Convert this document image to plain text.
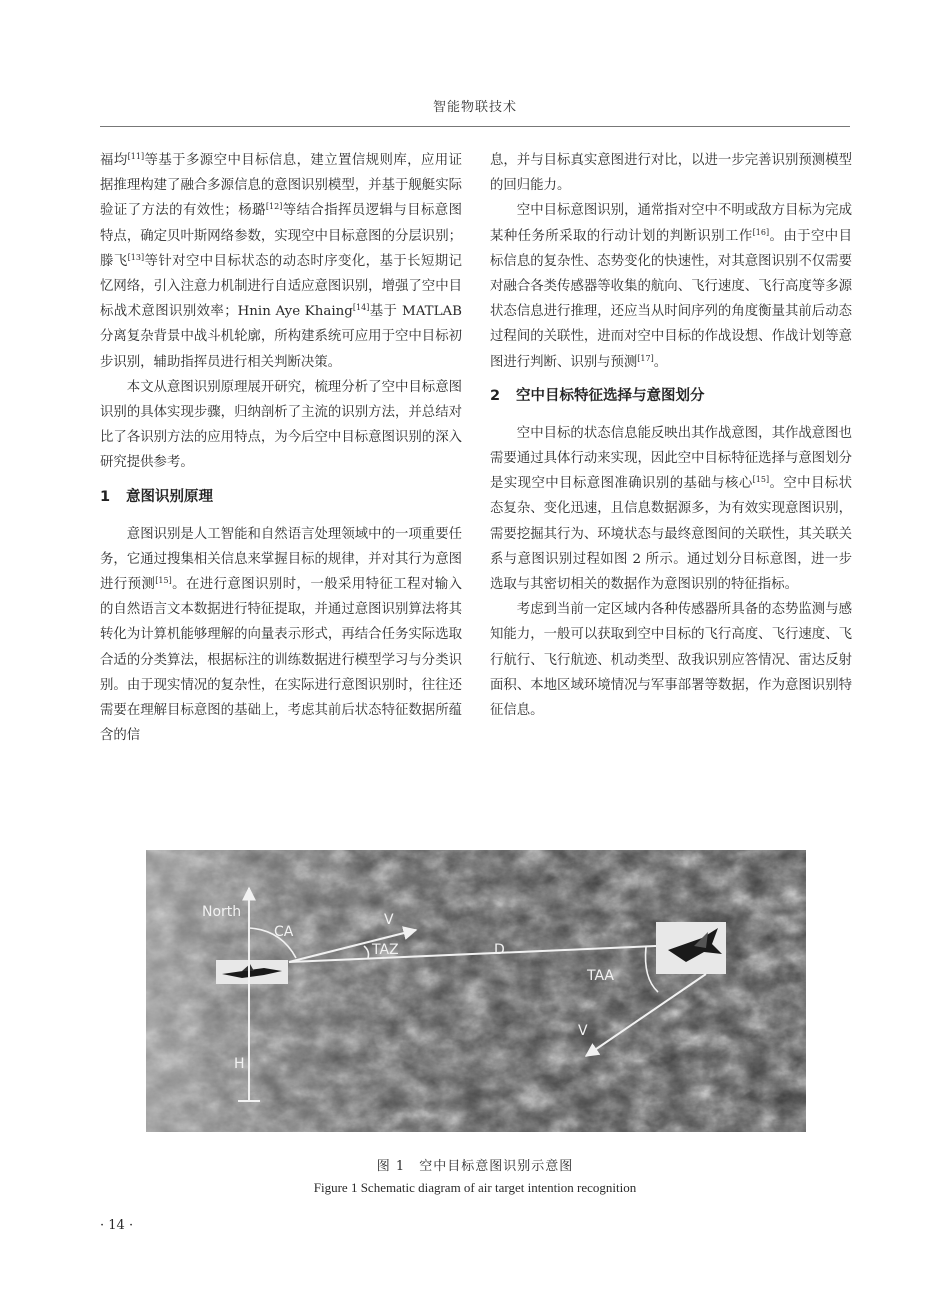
智能物联技术

福均[11]等基于多源空中目标信息，建立置信规则库，应用证据推理构建了融合多源信息的意图识别模型，并基于舰艇实际验证了方法的有效性；杨璐[12]等结合指挥员逻辑与目标意图特点，确定贝叶斯网络参数，实现空中目标意图的分层识别；滕飞[13]等针对空中目标状态的动态时序变化，基于长短期记忆网络，引入注意力机制进行自适应意图识别，增强了空中目标战术意图识别效率；Hnin Aye Khaing[14]基于 MATLAB 分离复杂背景中战斗机轮廓，所构建系统可应用于空中目标初步识别，辅助指挥员进行相关判断决策。

本文从意图识别原理展开研究，梳理分析了空中目标意图识别的具体实现步骤，归纳剖析了主流的识别方法，并总结对比了各识别方法的应用特点，为今后空中目标意图识别的深入研究提供参考。

1 意图识别原理

意图识别是人工智能和自然语言处理领域中的一项重要任务，它通过搜集相关信息来掌握目标的规律，并对其行为意图进行预测[15]。在进行意图识别时，一般采用特征工程对输入的自然语言文本数据进行特征提取，并通过意图识别算法将其转化为计算机能够理解的向量表示形式，再结合任务实际选取合适的分类算法，根据标注的训练数据进行模型学习与分类识别。由于现实情况的复杂性，在实际进行意图识别时，往往还需要在理解目标意图的基础上，考虑其前后状态特征数据所蕴含的信

息，并与目标真实意图进行对比，以进一步完善识别预测模型的回归能力。

空中目标意图识别，通常指对空中不明或敌方目标为完成某种任务所采取的行动计划的判断识别工作[16]。由于空中目标信息的复杂性、态势变化的快速性，对其意图识别不仅需要对融合各类传感器等收集的航向、飞行速度、飞行高度等多源状态信息进行推理，还应当从时间序列的角度衡量其前后动态过程间的关联性，进而对空中目标的作战设想、作战计划等意图进行判断、识别与预测[17]。

2 空中目标特征选择与意图划分

空中目标的状态信息能反映出其作战意图，其作战意图也需要通过具体行动来实现，因此空中目标特征选择与意图划分是实现空中目标意图准确识别的基础与核心[15]。空中目标状态复杂、变化迅速，且信息数据源多，为有效实现意图识别，需要挖掘其行为、环境状态与最终意图间的关联性，其关联关系与意图识别过程如图 2 所示。通过划分目标意图，进一步选取与其密切相关的数据作为意图识别的特征指标。

考虑到当前一定区域内各种传感器所具备的态势监测与感知能力，一般可以获取到空中目标的飞行高度、飞行速度、飞行航行、飞行航迹、机动类型、敌我识别应答情况、雷达反射面积、本地区域环境情况与军事部署等数据，作为意图识别特征信息。

North
CA
V
TAZ	D
TAA
V
H
图 1　空中目标意图识别示意图
Figure 1 Schematic diagram of air target intention recognition
· 14 ·
